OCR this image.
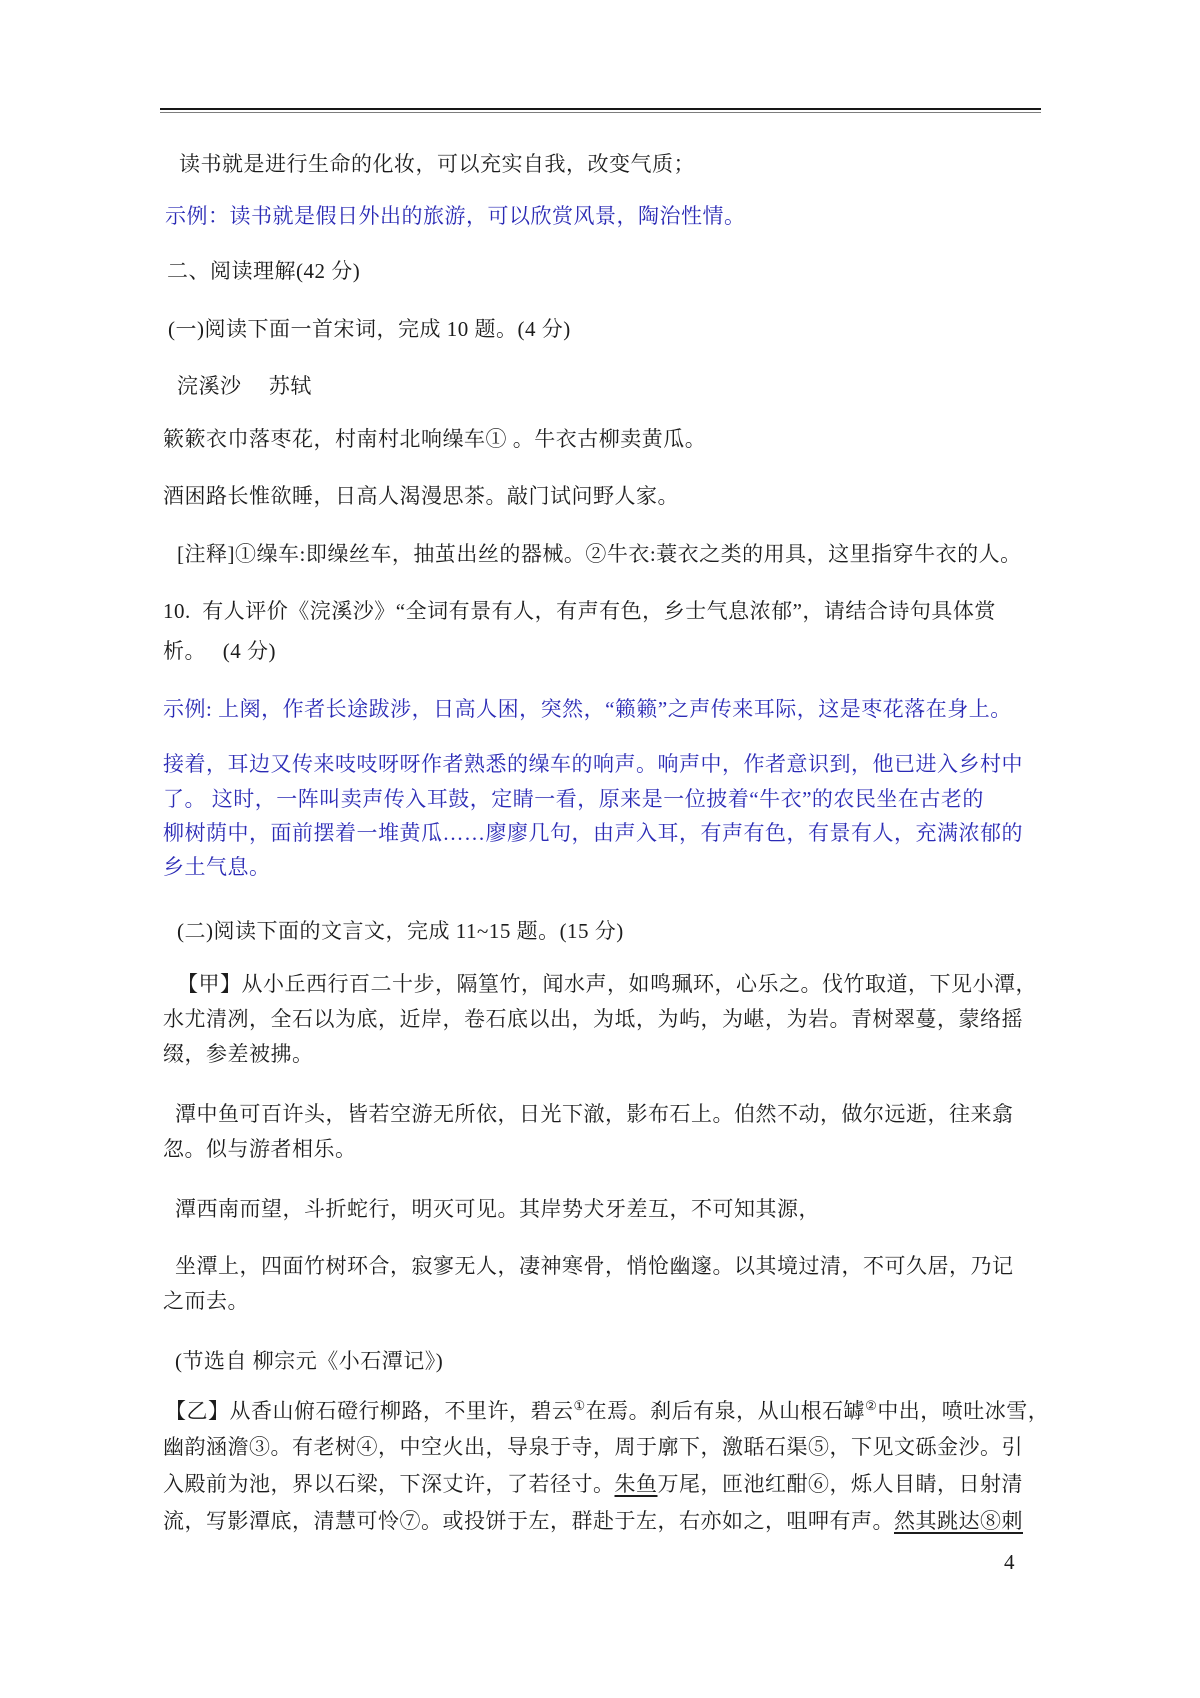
读书就是进行生命的化妆，可以充实自我，改变气质；
示例：读书就是假日外出的旅游，可以欣赏风景，陶治性情。
二、阅读理解(42 分)
(一)阅读下面一首宋词，完成 10 题。(4 分)
浣溪沙　 苏轼
簌簌衣巾落枣花，村南村北响缲车① 。牛衣古柳卖黄瓜。
酒困路长惟欲睡，日高人渴漫思茶。敲门试问野人家。
[注释]①缲车:即缲丝车，抽茧出丝的器械。②牛衣:蓑衣之类的用具，这里指穿牛衣的人。
10.  有人评价《浣溪沙》“全词有景有人，有声有色，乡士气息浓郁”，请结合诗句具体赏
析。　 (4 分)
示例: 上阕，作者长途跋涉，日高人困，突然，“籁籁”之声传来耳际，这是枣花落在身上。
接着，耳边又传来吱吱呀呀作者熟悉的缲车的响声。响声中，作者意识到，他已进入乡村中
了。 这时，一阵叫卖声传入耳鼓，定睛一看，原来是一位披着“牛衣”的农民坐在古老的
柳树荫中，面前摆着一堆黄瓜……廖廖几句，由声入耳，有声有色，有景有人，充满浓郁的
乡土气息。
(二)阅读下面的文言文，完成 11~15 题。(15 分)
【甲】从小丘西行百二十步，隔篁竹，闻水声，如鸣珮环，心乐之。伐竹取道，下见小潭，
水尤清冽，全石以为底，近岸，卷石底以出，为坻，为屿，为嵁，为岩。青树翠蔓，蒙络摇
缀，参差被拂。
潭中鱼可百许头，皆若空游无所依，日光下澈，影布石上。伯然不动，做尔远逝，往来翕
忽。似与游者相乐。
潭西南而望，斗折蛇行，明灭可见。其岸势犬牙差互，不可知其源，
坐潭上，四面竹树环合，寂寥无人，凄神寒骨，悄怆幽邃。以其境过清，不可久居，乃记
之而去。
(节选自 柳宗元《小石潭记》)
【乙】从香山俯石磴行柳路，不里许，碧云①在焉。刹后有泉，从山根石罅②中出，喷吐冰雪，
幽韵涵澹③。有老树④，中空火出，导泉于寺，周于廓下，激聒石渠⑤，下见文砾金沙。引
入殿前为池，界以石梁，下深丈许，了若径寸。朱鱼万尾，匝池红酣⑥，烁人目睛，日射清
流，写影潭底，清慧可怜⑦。或投饼于左，群赴于左，右亦如之，咀呷有声。然其跳达⑧刺
4
